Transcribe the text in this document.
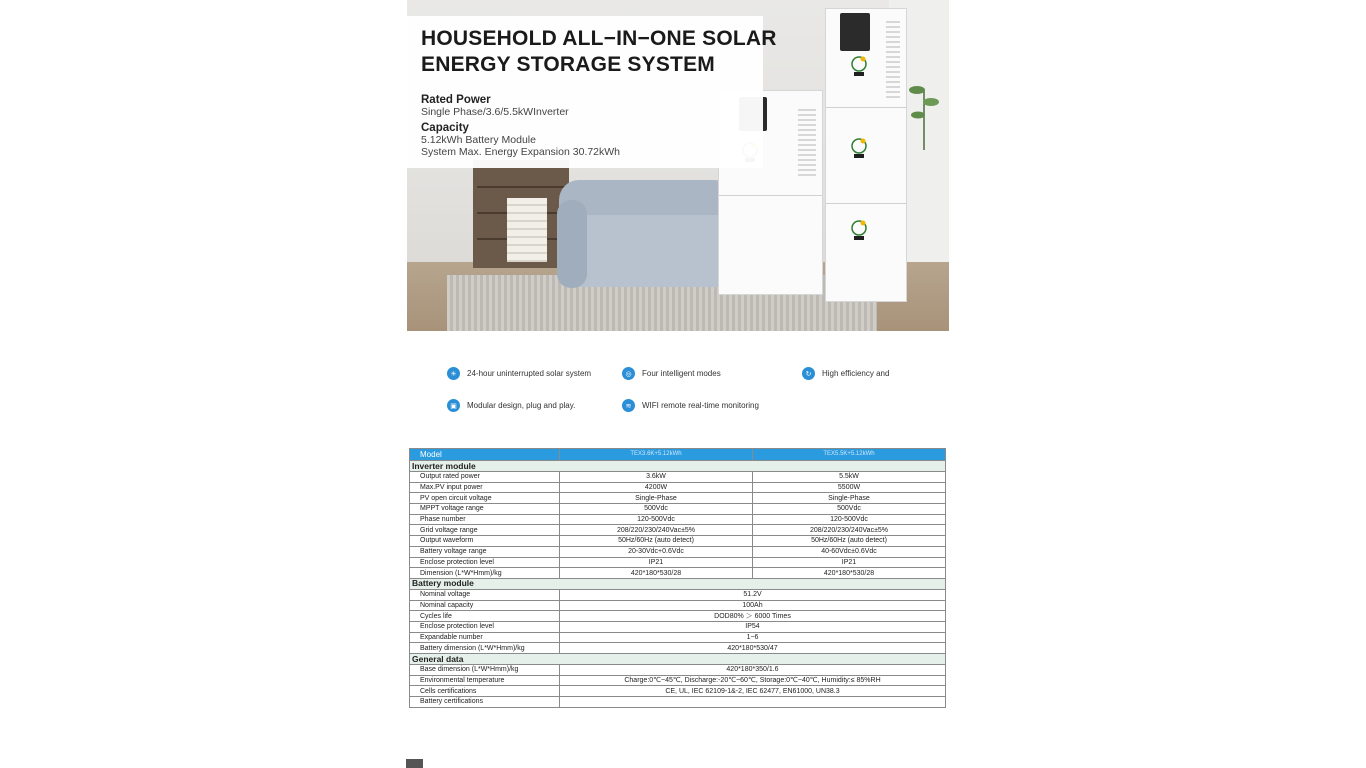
HOUSEHOLD ALL−IN−ONE SOLAR
ENERGY STORAGE SYSTEM
Rated Power
Single Phase/3.6/5.5kWInverter
Capacity
5.12kWh Battery Module
System Max. Energy Expansion 30.72kWh
☀	24-hour uninterrupted solar system	◎	Four intelligent modes	↻	High efficiency and
▣	Modular design, plug and play.	≋	WIFI remote real-time monitoring
Model	TEX3.6K+5.12kWh	TEX5.5K+5.12kWh
Inverter module		
Output rated power	3.6kW	5.5kW
Max.PV input power	4200W	5500W
PV open circuit voltage	Single-Phase	Single-Phase
MPPT voltage range	500Vdc	500Vdc
Phase number	120-500Vdc	120-500Vdc
Grid voltage range	208/220/230/240Vac±5%	208/220/230/240Vac±5%
Output waveform	50Hz/60Hz (auto detect)	50Hz/60Hz (auto detect)
Battery voltage range	20-30Vdc+0.6Vdc	40-60Vdc±0.6Vdc
Enclose protection level	IP21	IP21
Dimension (L*W*Hmm)/kg	420*180*530/28	420*180*530/28
Battery module		
Nominal voltage	51.2V	
Nominal capacity	100Ah	
Cycles life	DOD80% ＞ 6000 Times	
Enclose protection level	IP54	
Expandable number	1~6	
Battery dimension (L*W*Hmm)/kg	420*180*530/47	
General data		
Base dimension (L*W*Hmm)/kg	420*180*350/1.6	
Environmental temperature	Charge:0℃~45℃, Discharge:-20℃~60℃, Storage:0℃~40℃, Humidity:≤ 85%RH	
Cells certifications	CE, UL, IEC 62109-1&-2, IEC 62477, EN61000, UN38.3	
Battery certifications		
